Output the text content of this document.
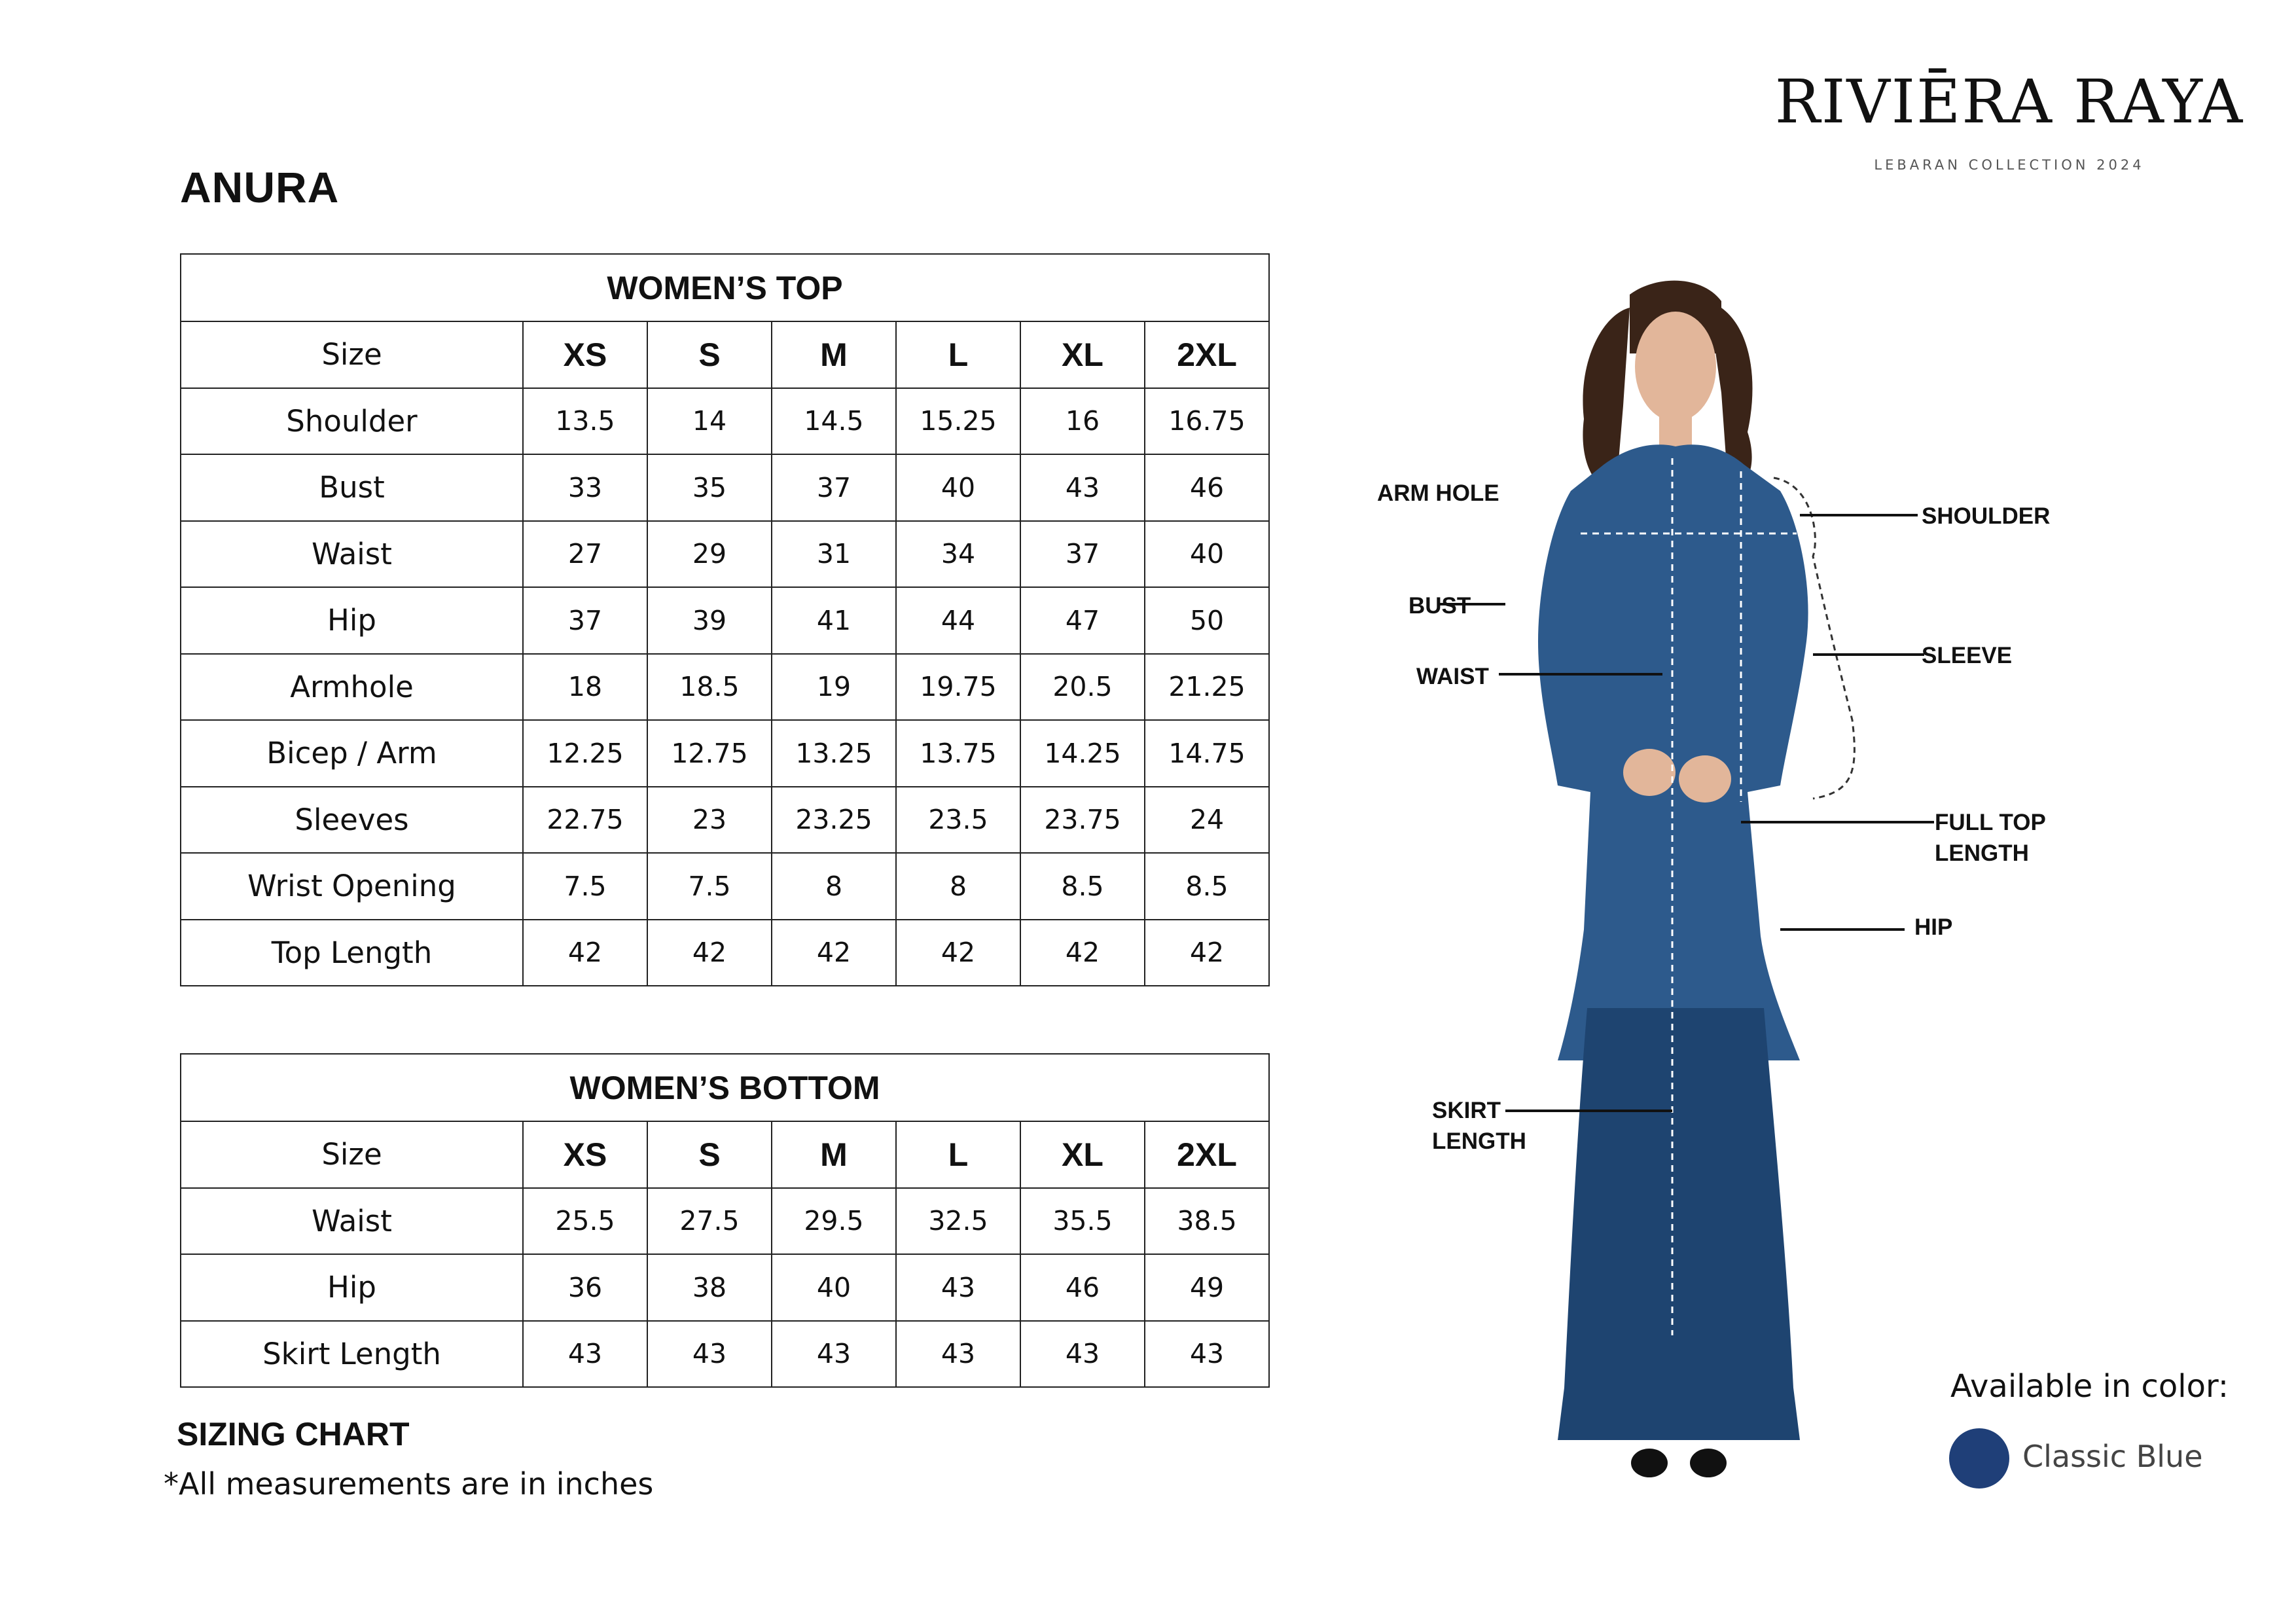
RIVIĒRA RAYA
LEBARAN COLLECTION 2024
ANURA
WOMEN’S TOP						
Size	XS	S	M	L	XL	2XL
Shoulder	13.5	14	14.5	15.25	16	16.75
Bust	33	35	37	40	43	46
Waist	27	29	31	34	37	40
Hip	37	39	41	44	47	50
Armhole	18	18.5	19	19.75	20.5	21.25
Bicep / Arm	12.25	12.75	13.25	13.75	14.25	14.75
Sleeves	22.75	23	23.25	23.5	23.75	24
Wrist Opening	7.5	7.5	8	8	8.5	8.5
Top Length	42	42	42	42	42	42
WOMEN’S BOTTOM						
Size	XS	S	M	L	XL	2XL
Waist	25.5	27.5	29.5	32.5	35.5	38.5
Hip	36	38	40	43	46	49
Skirt Length	43	43	43	43	43	43
SIZING CHART
*All measurements are in inches
ARM HOLE
BUST
WAIST
SKIRT
LENGTH
SHOULDER
SLEEVE
FULL TOP
LENGTH
HIP
Available in color:
Classic Blue
